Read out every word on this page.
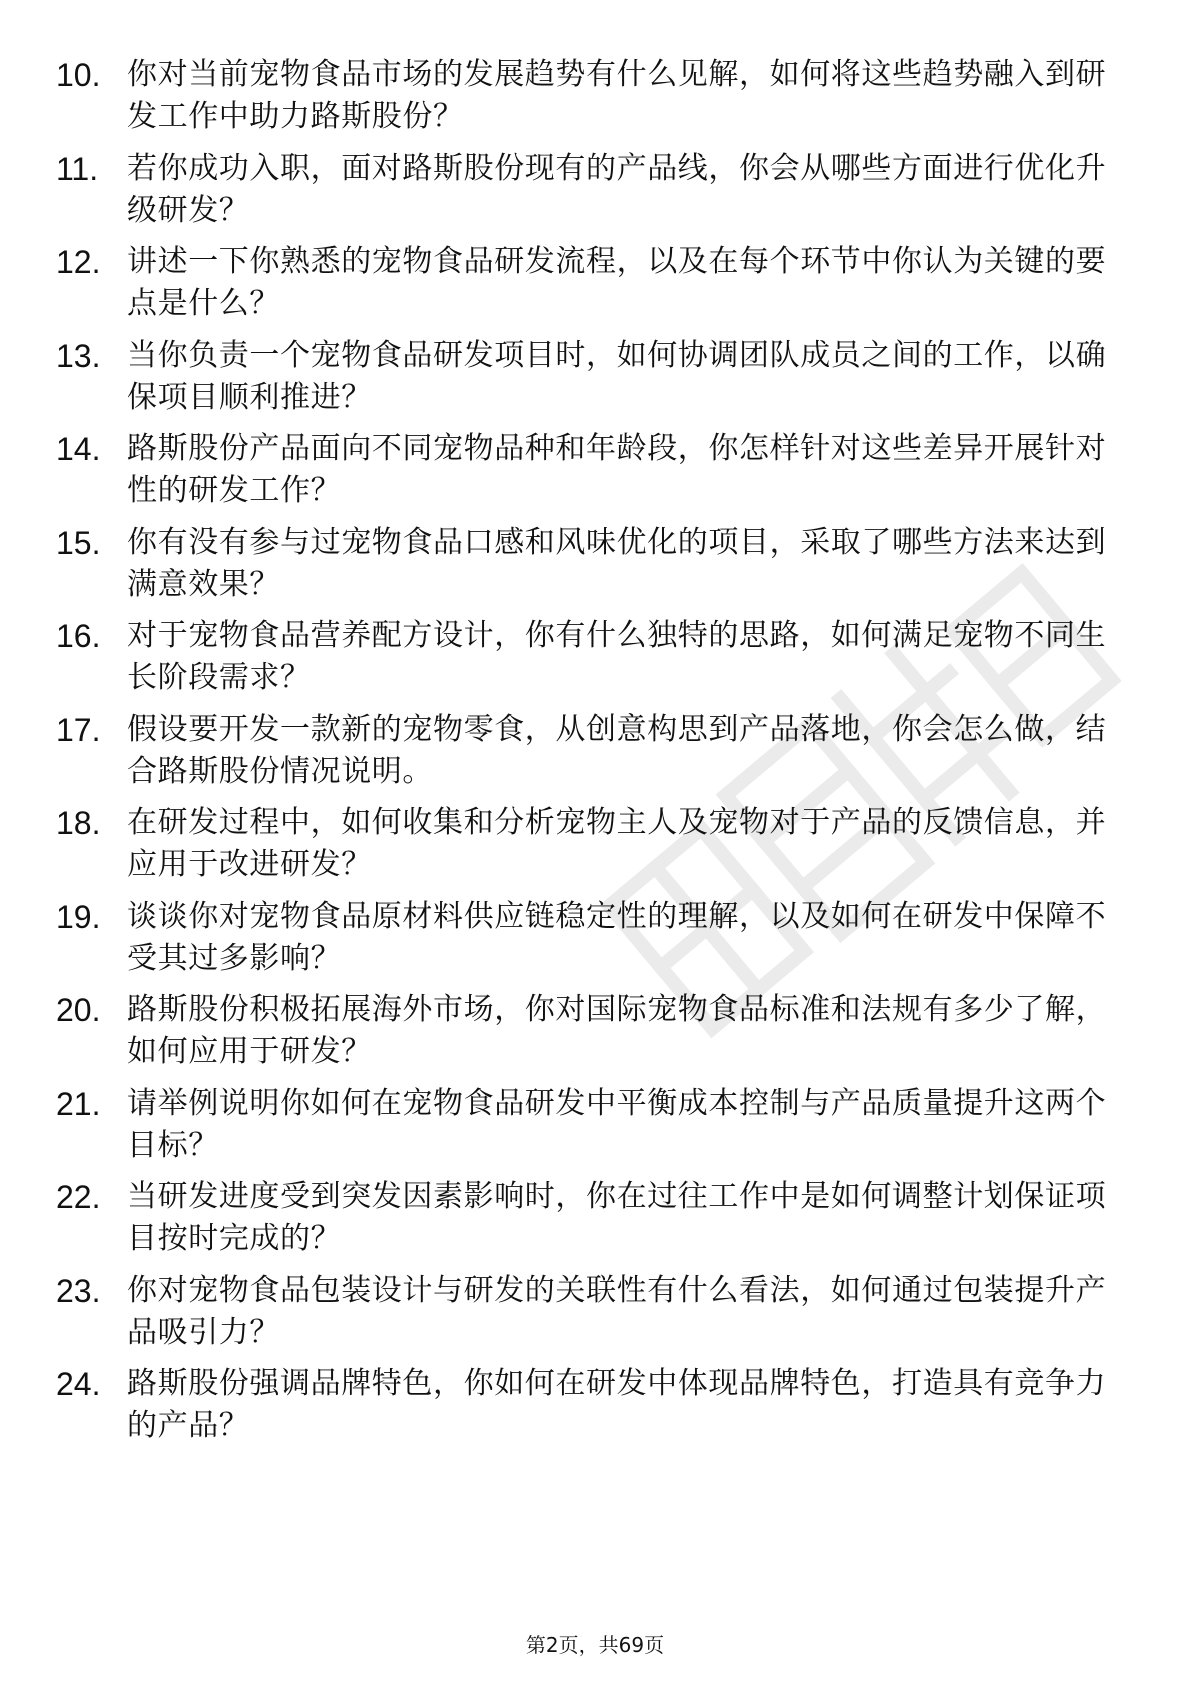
10. 你对当前宠物食品市场的发展趋势有什么见解，如何将这些趋势融入到研发工作中助力路斯股份？
11. 若你成功入职，面对路斯股份现有的产品线，你会从哪些方面进行优化升级研发？
12. 讲述一下你熟悉的宠物食品研发流程，以及在每个环节中你认为关键的要点是什么？
13. 当你负责一个宠物食品研发项目时，如何协调团队成员之间的工作，以确保项目顺利推进？
14. 路斯股份产品面向不同宠物品种和年龄段，你怎样针对这些差异开展针对性的研发工作？
15. 你有没有参与过宠物食品口感和风味优化的项目，采取了哪些方法来达到满意效果？
16. 对于宠物食品营养配方设计，你有什么独特的思路，如何满足宠物不同生长阶段需求？
17. 假设要开发一款新的宠物零食，从创意构思到产品落地，你会怎么做，结合路斯股份情况说明。
18. 在研发过程中，如何收集和分析宠物主人及宠物对于产品的反馈信息，并应用于改进研发？
19. 谈谈你对宠物食品原材料供应链稳定性的理解，以及如何在研发中保障不受其过多影响？
20. 路斯股份积极拓展海外市场，你对国际宠物食品标准和法规有多少了解，如何应用于研发？
21. 请举例说明你如何在宠物食品研发中平衡成本控制与产品质量提升这两个目标？
22. 当研发进度受到突发因素影响时，你在过往工作中是如何调整计划保证项目按时完成的？
23. 你对宠物食品包装设计与研发的关联性有什么看法，如何通过包装提升产品吸引力？
24. 路斯股份强调品牌特色，你如何在研发中体现品牌特色，打造具有竞争力的产品？
第2页，共69页
